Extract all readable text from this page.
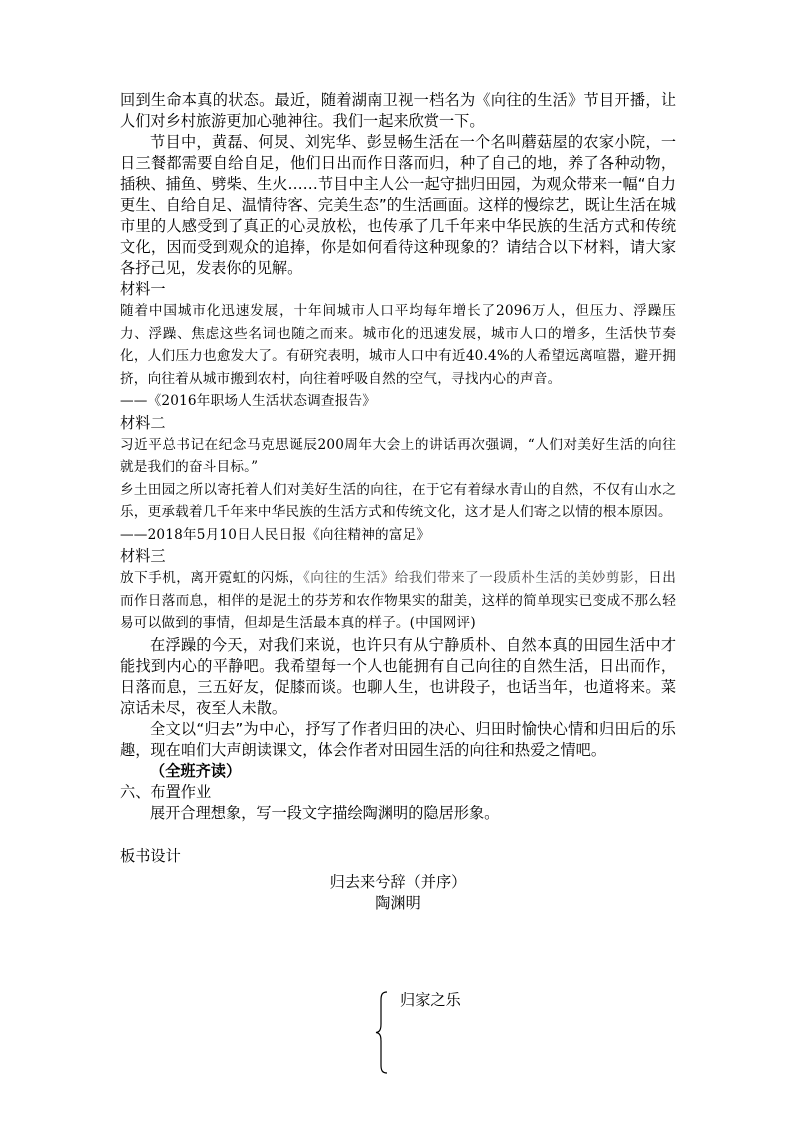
回到生命本真的状态。最近，随着湖南卫视一档名为《向往的生活》节目开播，让人们对乡村旅游更加心驰神往。我们一起来欣赏一下。

节目中，黄磊、何炅、刘宪华、彭昱畅生活在一个名叫蘑菇屋的农家小院，一日三餐都需要自给自足，他们日出而作日落而归，种了自己的地，养了各种动物，插秧、捕鱼、劈柴、生火……节目中主人公一起守拙归田园，为观众带来一幅“自力更生、自给自足、温情待客、完美生态”的生活画面。这样的慢综艺，既让生活在城市里的人感受到了真正的心灵放松，也传承了几千年来中华民族的生活方式和传统文化，因而受到观众的追捧，你是如何看待这种现象的？请结合以下材料，请大家各抒己见，发表你的见解。

材料一

随着中国城市化迅速发展，十年间城市人口平均每年增长了2096万人，但压力、浮躁压力、浮躁、焦虑这些名词也随之而来。城市化的迅速发展，城市人口的增多，生活快节奏化，人们压力也愈发大了。有研究表明，城市人口中有近40.4%的人希望远离喧嚣，避开拥挤，向往着从城市搬到农村，向往着呼吸自然的空气，寻找内心的声音。

——《2016年职场人生活状态调查报告》

材料二

习近平总书记在纪念马克思诞辰200周年大会上的讲话再次强调，“人们对美好生活的向往就是我们的奋斗目标。”

乡土田园之所以寄托着人们对美好生活的向往，在于它有着绿水青山的自然，不仅有山水之乐，更承载着几千年来中华民族的生活方式和传统文化，这才是人们寄之以情的根本原因。

——2018年5月10日人民日报《向往精神的富足》

材料三

放下手机，离开霓虹的闪烁，《向往的生活》给我们带来了一段质朴生活的美妙剪影，日出而作日落而息，相伴的是泥土的芬芳和农作物果实的甜美，这样的简单现实已变成不那么轻易可以做到的事情，但却是生活最本真的样子。(中国网评)

在浮躁的今天，对我们来说，也许只有从宁静质朴、自然本真的田园生活中才能找到内心的平静吧。我希望每一个人也能拥有自己向往的自然生活，日出而作，日落而息，三五好友，促膝而谈。也聊人生，也讲段子，也话当年，也道将来。菜凉话未尽，夜至人未散。

全文以“归去”为中心，抒写了作者归田的决心、归田时愉快心情和归田后的乐趣，现在咱们大声朗读课文，体会作者对田园生活的向往和热爱之情吧。

（全班齐读）

六、布置作业

展开合理想象，写一段文字描绘陶渊明的隐居形象。

板书设计

归去来兮辞（并序）

陶渊明

归家之乐
